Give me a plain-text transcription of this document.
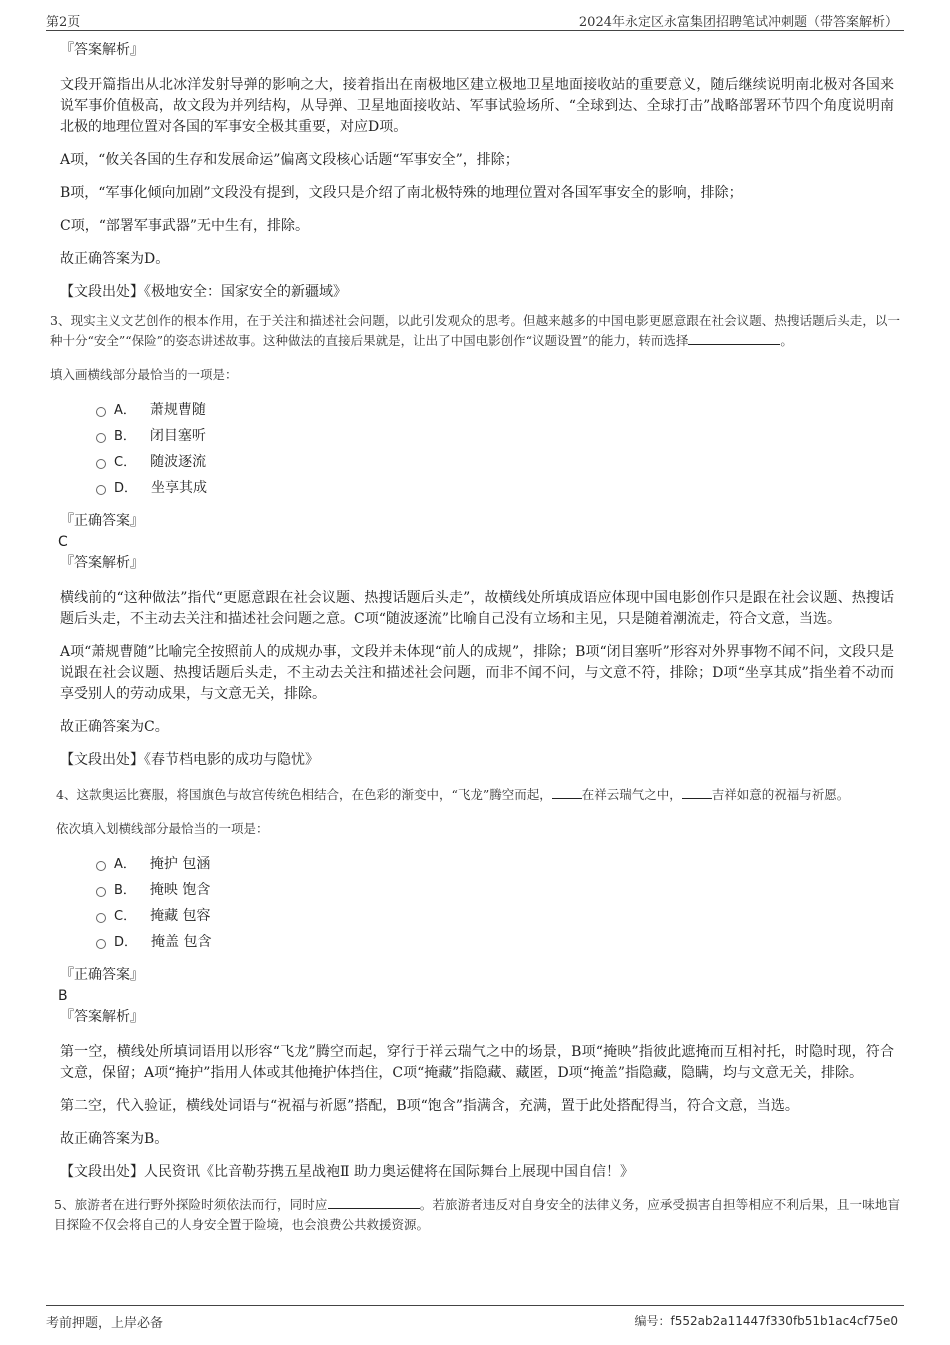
第2页	2024年永定区永富集团招聘笔试冲刺题（带答案解析）

『答案解析』

文段开篇指出从北冰洋发射导弹的影响之大，接着指出在南极地区建立极地卫星地面接收站的重要意义，随后继续说明南北极对各国来说军事价值极高，故文段为并列结构，从导弹、卫星地面接收站、军事试验场所、“全球到达、全球打击”战略部署环节四个角度说明南北极的地理位置对各国的军事安全极其重要，对应D项。

A项，“攸关各国的生存和发展命运”偏离文段核心话题“军事安全”，排除；

B项，“军事化倾向加剧”文段没有提到，文段只是介绍了南北极特殊的地理位置对各国军事安全的影响，排除；

C项，“部署军事武器”无中生有，排除。

故正确答案为D。

【文段出处】《极地安全：国家安全的新疆域》

3、现实主义文艺创作的根本作用，在于关注和描述社会问题，以此引发观众的思考。但越来越多的中国电影更愿意跟在社会议题、热搜话题后头走，以一种十分“安全”“保险”的姿态讲述故事。这种做法的直接后果就是，让出了中国电影创作“议题设置”的能力，转而选择	。

填入画横线部分最恰当的一项是：

A． 萧规曹随
B． 闭目塞听
C． 随波逐流
D． 坐享其成

『正确答案』

C

『答案解析』

横线前的“这种做法”指代“更愿意跟在社会议题、热搜话题后头走”，故横线处所填成语应体现中国电影创作只是跟在社会议题、热搜话题后头走，不主动去关注和描述社会问题之意。C项“随波逐流”比喻自己没有立场和主见，只是随着潮流走，符合文意，当选。

A项“萧规曹随”比喻完全按照前人的成规办事，文段并未体现“前人的成规”，排除；B项“闭目塞听”形容对外界事物不闻不问，文段只是说跟在社会议题、热搜话题后头走，不主动去关注和描述社会问题，而非不闻不问，与文意不符，排除；D项“坐享其成”指坐着不动而享受别人的劳动成果，与文意无关，排除。

故正确答案为C。

【文段出处】《春节档电影的成功与隐忧》

4、这款奥运比赛服，将国旗色与故宫传统色相结合，在色彩的渐变中，“飞龙”腾空而起， 在祥云瑞气之中， 吉祥如意的祝福与祈愿。

依次填入划横线部分最恰当的一项是：

A． 掩护 包涵
B． 掩映 饱含
C． 掩藏 包容
D． 掩盖 包含

『正确答案』

B

『答案解析』

第一空，横线处所填词语用以形容“飞龙”腾空而起，穿行于祥云瑞气之中的场景，B项“掩映”指彼此遮掩而互相衬托，时隐时现，符合文意，保留；A项“掩护”指用人体或其他掩护体挡住，C项“掩藏”指隐藏、藏匿，D项“掩盖”指隐藏，隐瞒，均与文意无关，排除。

第二空，代入验证，横线处词语与“祝福与祈愿”搭配，B项“饱含”指满含，充满，置于此处搭配得当，符合文意，当选。

故正确答案为B。

【文段出处】人民资讯《比音勒芬携五星战袍Ⅱ 助力奥运健将在国际舞台上展现中国自信！》

5、旅游者在进行野外探险时须依法而行，同时应	。若旅游者违反对自身安全的法律义务，应承受损害自担等相应不利后果，且一味地盲目探险不仅会将自己的人身安全置于险境，也会浪费公共救援资源。

考前押题，上岸必备	编号：f552ab2a11447f330fb51b1ac4cf75e0
